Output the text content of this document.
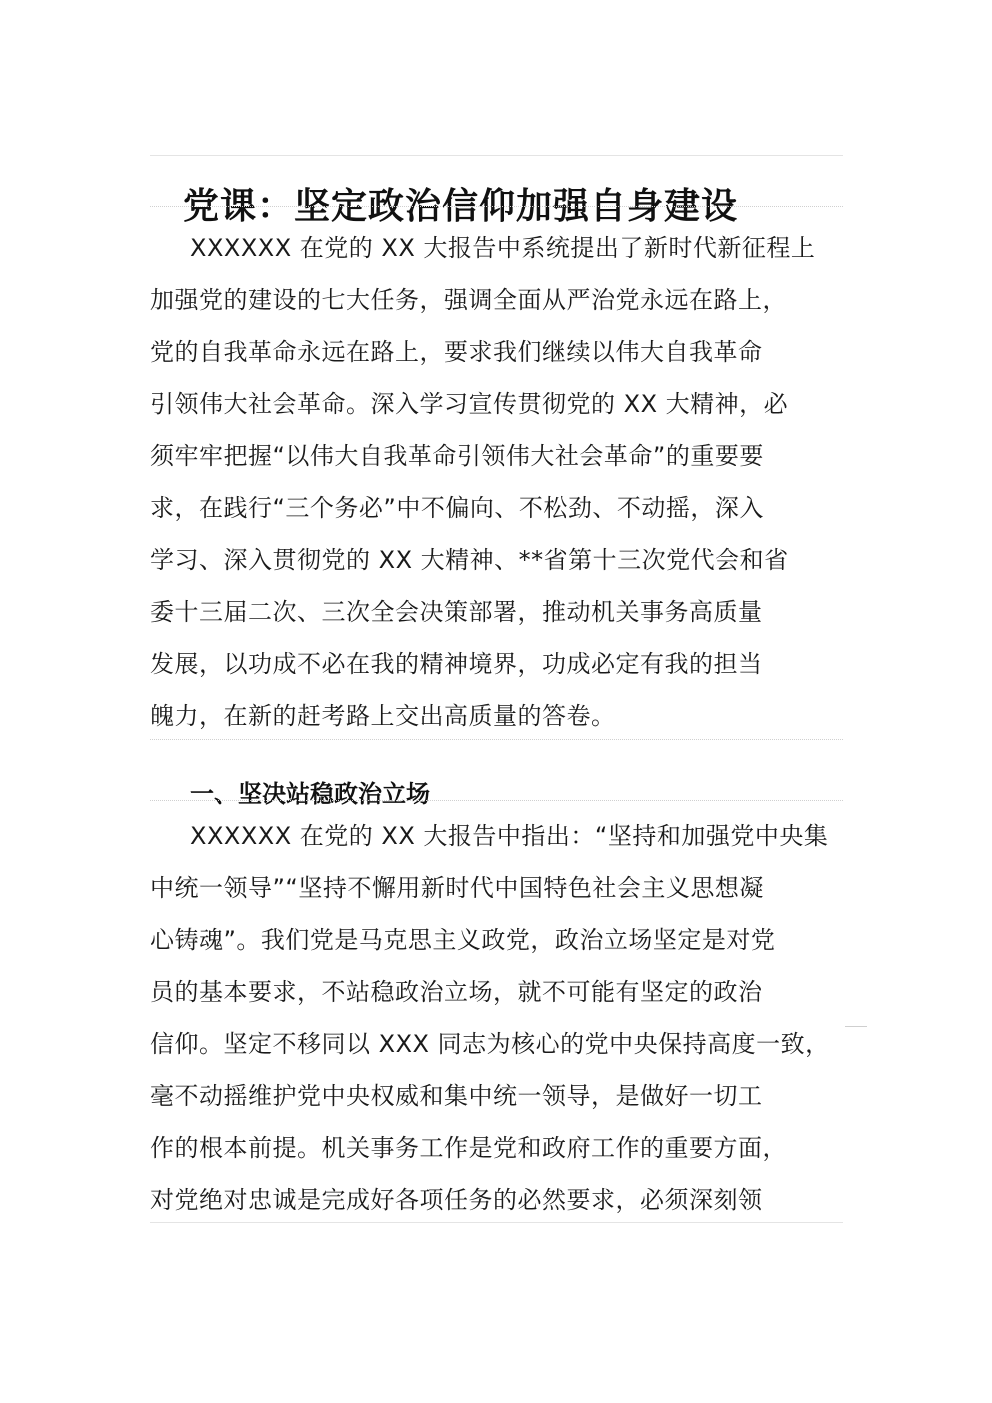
党课：坚定政治信仰加强自身建设
XXXXXX 在党的 XX 大报告中系统提出了新时代新征程上
加强党的建设的七大任务，强调全面从严治党永远在路上，
党的自我革命永远在路上，要求我们继续以伟大自我革命
引领伟大社会革命。深入学习宣传贯彻党的 XX 大精神，必
须牢牢把握“以伟大自我革命引领伟大社会革命”的重要要
求，在践行“三个务必”中不偏向、不松劲、不动摇，深入
学习、深入贯彻党的 XX 大精神、**省第十三次党代会和省
委十三届二次、三次全会决策部署，推动机关事务高质量
发展，以功成不必在我的精神境界，功成必定有我的担当
魄力，在新的赶考路上交出高质量的答卷。
一、坚决站稳政治立场
XXXXXX 在党的 XX 大报告中指出：“坚持和加强党中央集
中统一领导”“坚持不懈用新时代中国特色社会主义思想凝
心铸魂”。我们党是马克思主义政党，政治立场坚定是对党
员的基本要求，不站稳政治立场，就不可能有坚定的政治
信仰。坚定不移同以 XXX 同志为核心的党中央保持高度一致，
毫不动摇维护党中央权威和集中统一领导，是做好一切工
作的根本前提。机关事务工作是党和政府工作的重要方面，
对党绝对忠诚是完成好各项任务的必然要求，必须深刻领
